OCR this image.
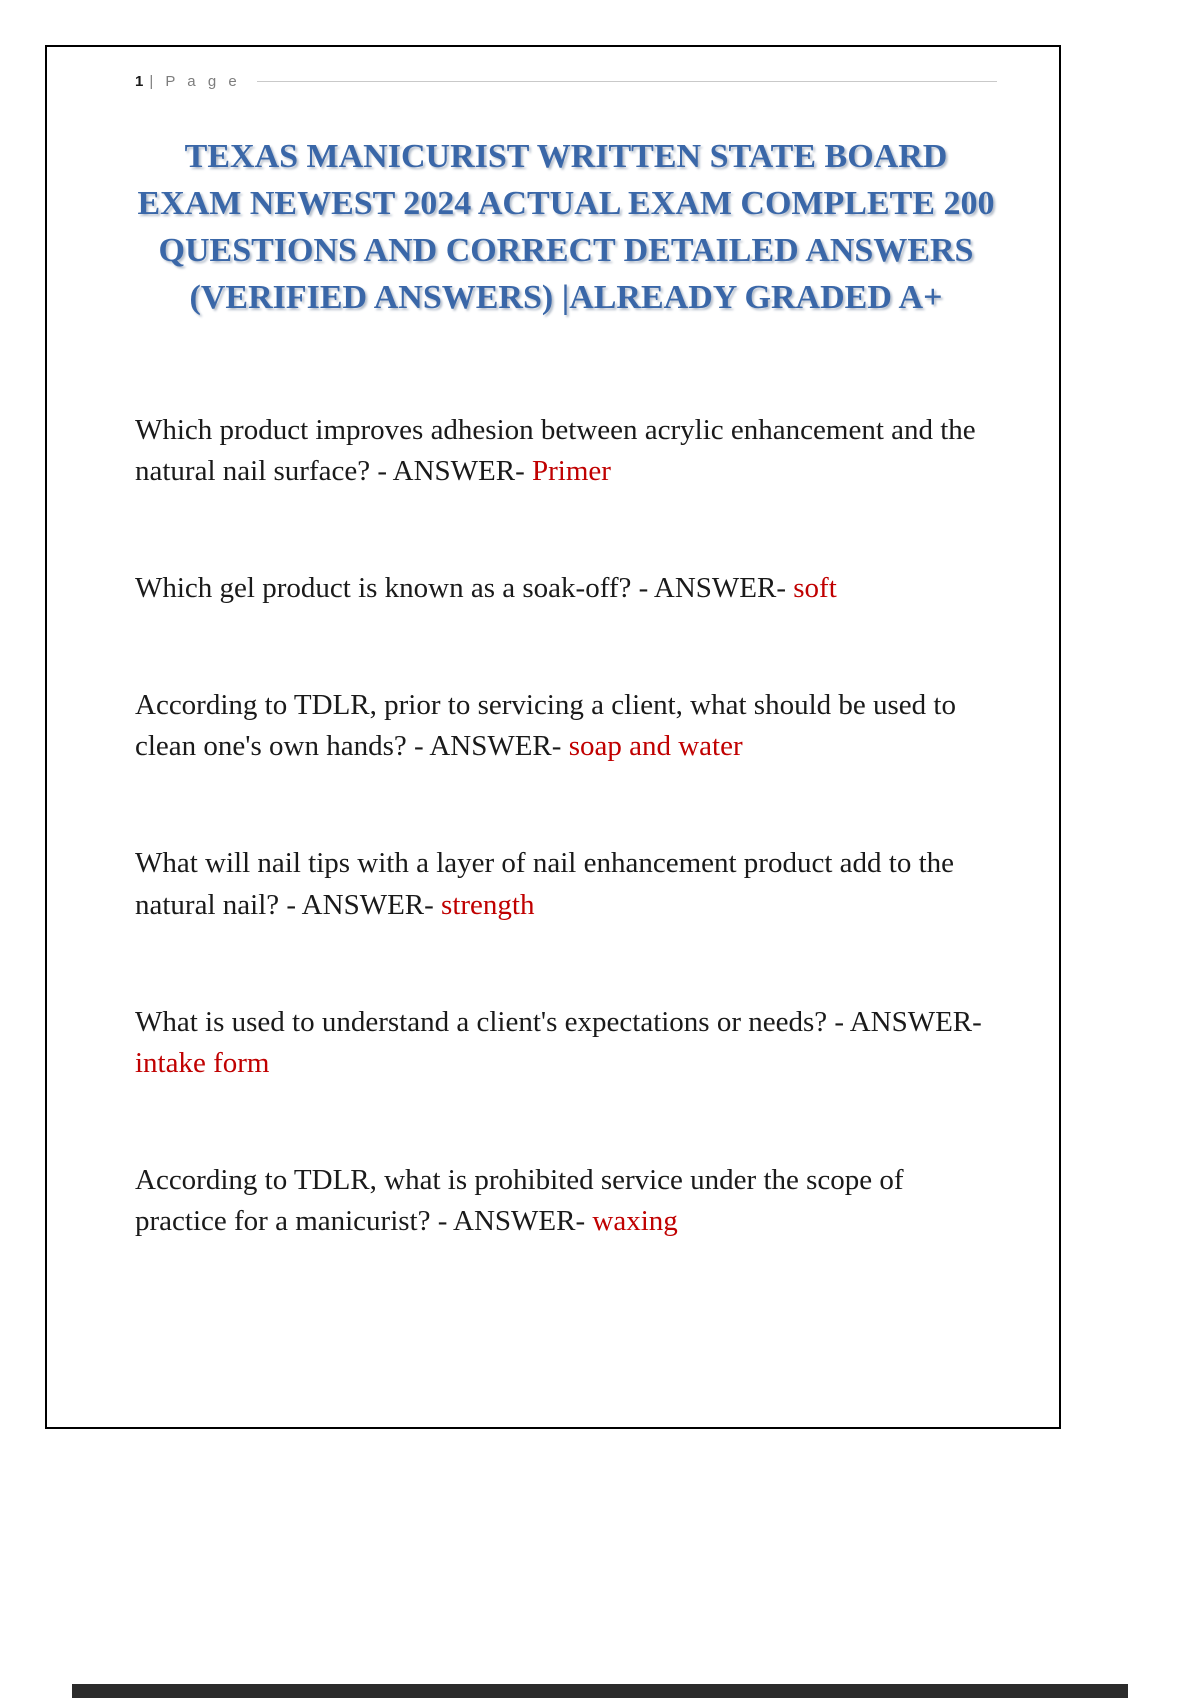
1 | P a g e
TEXAS MANICURIST WRITTEN STATE BOARD EXAM NEWEST 2024 ACTUAL EXAM COMPLETE 200 QUESTIONS AND CORRECT DETAILED ANSWERS (VERIFIED ANSWERS) |ALREADY GRADED A+

Which product improves adhesion between acrylic enhancement and the natural nail surface? - ANSWER- Primer

Which gel product is known as a soak-off? - ANSWER- soft

According to TDLR, prior to servicing a client, what should be used to clean one's own hands? - ANSWER- soap and water

What will nail tips with a layer of nail enhancement product add to the natural nail? - ANSWER- strength

What is used to understand a client's expectations or needs? - ANSWER- intake form

According to TDLR, what is prohibited service under the scope of practice for a manicurist? - ANSWER- waxing
